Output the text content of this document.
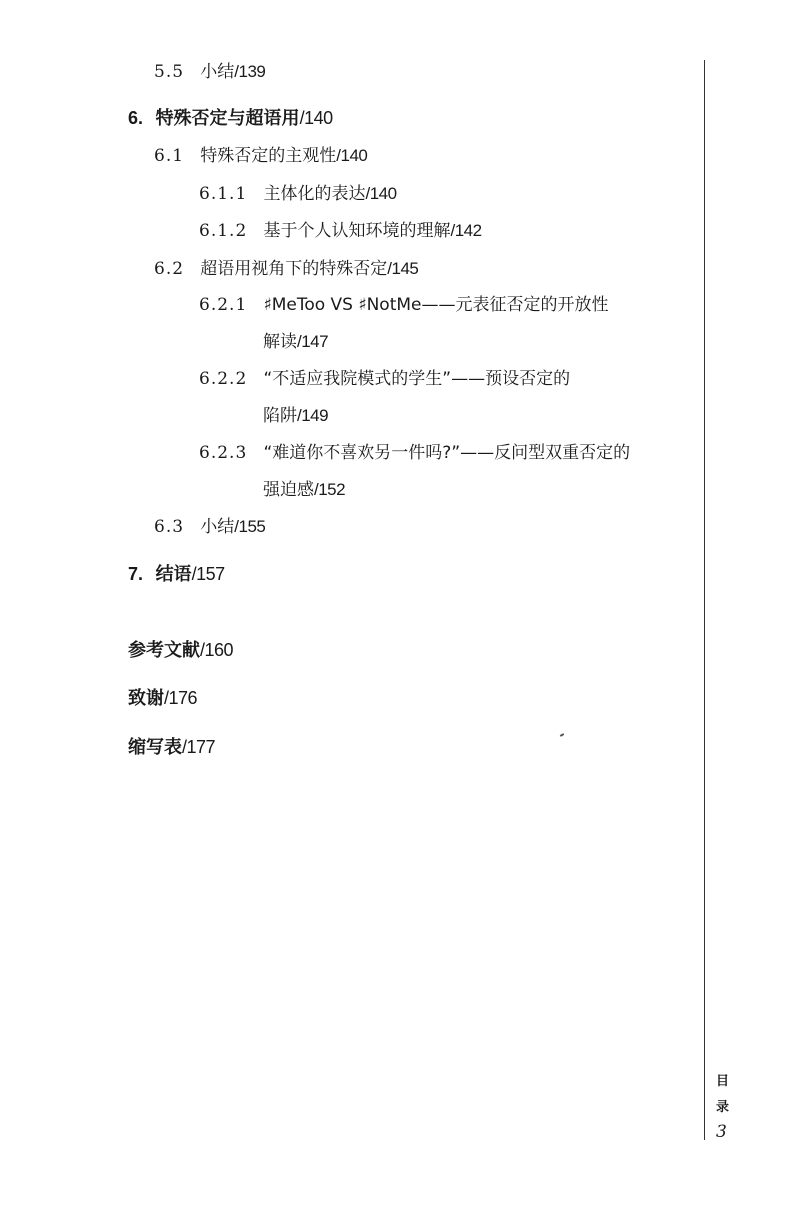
5.5 小结/139
6. 特殊否定与超语用/140
6.1 特殊否定的主观性/140
6.1.1 主体化的表达/140
6.1.2 基于个人认知环境的理解/142
6.2 超语用视角下的特殊否定/145
6.2.1 ♯MeToo VS ♯NotMe——元表征否定的开放性
解读/147
6.2.2 “不适应我院模式的学生”——预设否定的
陷阱/149
6.2.3 “难道你不喜欢另一件吗?”——反问型双重否定的
强迫感/152
6.3 小结/155
7. 结语/157
参考文献/160
致谢/176
缩写表/177
目
录
3
